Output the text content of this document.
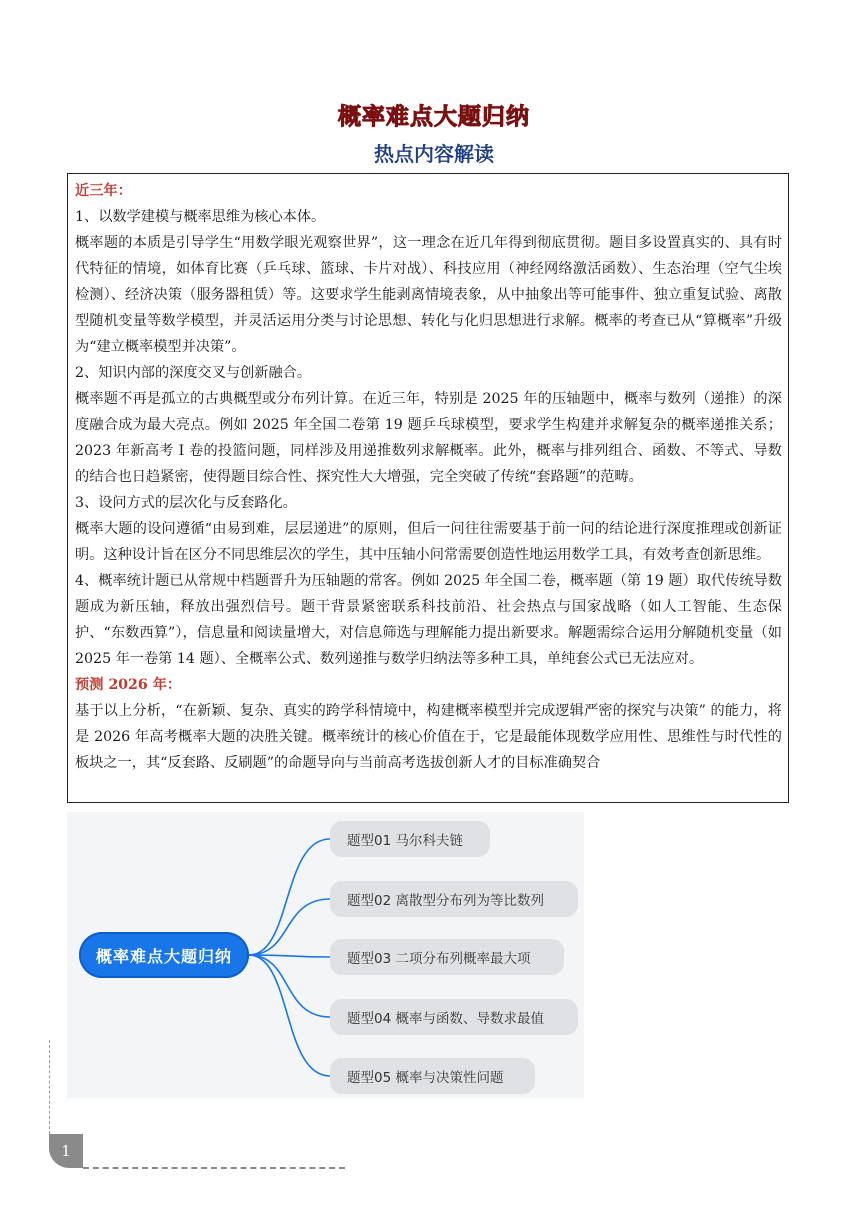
概率难点大题归纳
热点内容解读

近三年：

1、以数学建模与概率思维为核心本体。

概率题的本质是引导学生“用数学眼光观察世界”，这一理念在近几年得到彻底贯彻。题目多设置真实的、具有时代特征的情境，如体育比赛（乒乓球、篮球、卡片对战）、科技应用（神经网络激活函数）、生态治理（空气尘埃检测）、经济决策（服务器租赁）等。这要求学生能剥离情境表象，从中抽象出等可能事件、独立重复试验、离散型随机变量等数学模型，并灵活运用分类与讨论思想、转化与化归思想进行求解。概率的考查已从“算概率”升级为“建立概率模型并决策”。

2、知识内部的深度交叉与创新融合。

概率题不再是孤立的古典概型或分布列计算。在近三年，特别是 2025 年的压轴题中，概率与数列（递推）的深度融合成为最大亮点。例如 2025 年全国二卷第 19 题乒乓球模型，要求学生构建并求解复杂的概率递推关系；2023 年新高考 I 卷的投篮问题，同样涉及用递推数列求解概率。此外，概率与排列组合、函数、不等式、导数的结合也日趋紧密，使得题目综合性、探究性大大增强，完全突破了传统“套路题”的范畴。

3、设问方式的层次化与反套路化。

概率大题的设问遵循“由易到难，层层递进”的原则，但后一问往往需要基于前一问的结论进行深度推理或创新证明。这种设计旨在区分不同思维层次的学生，其中压轴小问常需要创造性地运用数学工具，有效考查创新思维。

4、概率统计题已从常规中档题晋升为压轴题的常客。例如 2025 年全国二卷，概率题（第 19 题）取代传统导数题成为新压轴，释放出强烈信号。题干背景紧密联系科技前沿、社会热点与国家战略（如人工智能、生态保护、“东数西算”），信息量和阅读量增大，对信息筛选与理解能力提出新要求。解题需综合运用分解随机变量（如 2025 年一卷第 14 题）、全概率公式、数列递推与数学归纳法等多种工具，单纯套公式已无法应对。

预测 2026 年：

基于以上分析，“在新颖、复杂、真实的跨学科情境中，构建概率模型并完成逻辑严密的探究与决策” 的能力，将是 2026 年高考概率大题的决胜关键。概率统计的核心价值在于，它是最能体现数学应用性、思维性与时代性的板块之一，其“反套路、反刷题”的命题导向与当前高考选拔创新人才的目标准确契合

概率难点大题归纳
题型01 马尔科夫链
题型02 离散型分布列为等比数列
题型03 二项分布列概率最大项
题型04 概率与函数、导数求最值
题型05 概率与决策性问题
1
